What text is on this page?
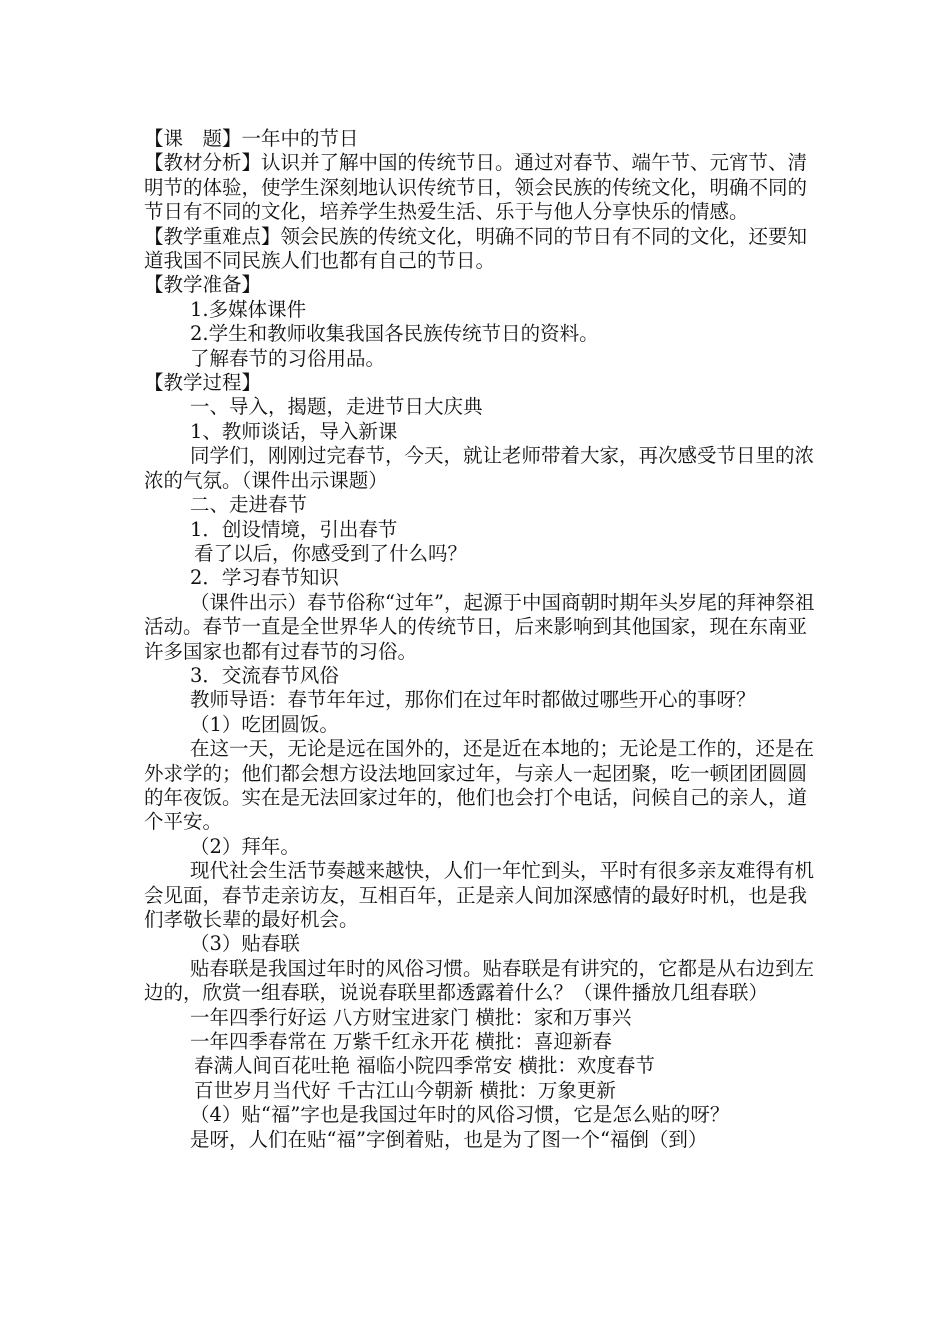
【课　题】一年中的节日

【教材分析】认识并了解中国的传统节日。通过对春节、端午节、元宵节、清明节的体验，使学生深刻地认识传统节日，领会民族的传统文化，明确不同的节日有不同的文化，培养学生热爱生活、乐于与他人分享快乐的情感。

【教学重难点】领会民族的传统文化，明确不同的节日有不同的文化，还要知道我国不同民族人们也都有自己的节日。

【教学准备】

1.多媒体课件

2.学生和教师收集我国各民族传统节日的资料。

了解春节的习俗用品。

【教学过程】

一、导入，揭题，走进节日大庆典

1、教师谈话，导入新课

同学们，刚刚过完春节，今天，就让老师带着大家，再次感受节日里的浓浓的气氛。（课件出示课题）

二、走进春节

1．创设情境，引出春节

看了以后，你感受到了什么吗？

2．学习春节知识

（课件出示）春节俗称“过年”，起源于中国商朝时期年头岁尾的拜神祭祖活动。春节一直是全世界华人的传统节日，后来影响到其他国家，现在东南亚许多国家也都有过春节的习俗。

3．交流春节风俗

教师导语：春节年年过，那你们在过年时都做过哪些开心的事呀？

（1）吃团圆饭。

在这一天，无论是远在国外的，还是近在本地的；无论是工作的，还是在外求学的；他们都会想方设法地回家过年，与亲人一起团聚，吃一顿团团圆圆的年夜饭。实在是无法回家过年的，他们也会打个电话，问候自己的亲人，道个平安。

（2）拜年。

现代社会生活节奏越来越快，人们一年忙到头，平时有很多亲友难得有机会见面，春节走亲访友，互相百年，正是亲人间加深感情的最好时机，也是我们孝敬长辈的最好机会。

（3）贴春联

贴春联是我国过年时的风俗习惯。贴春联是有讲究的，它都是从右边到左边的，欣赏一组春联，说说春联里都透露着什么？（课件播放几组春联）

一年四季行好运 八方财宝进家门 横批：家和万事兴

一年四季春常在 万紫千红永开花 横批：喜迎新春

春满人间百花吐艳 福临小院四季常安 横批：欢度春节

百世岁月当代好 千古江山今朝新 横批：万象更新

（4）贴“福”字也是我国过年时的风俗习惯，它是怎么贴的呀？

是呀，人们在贴“福”字倒着贴，也是为了图一个“福倒（到）
